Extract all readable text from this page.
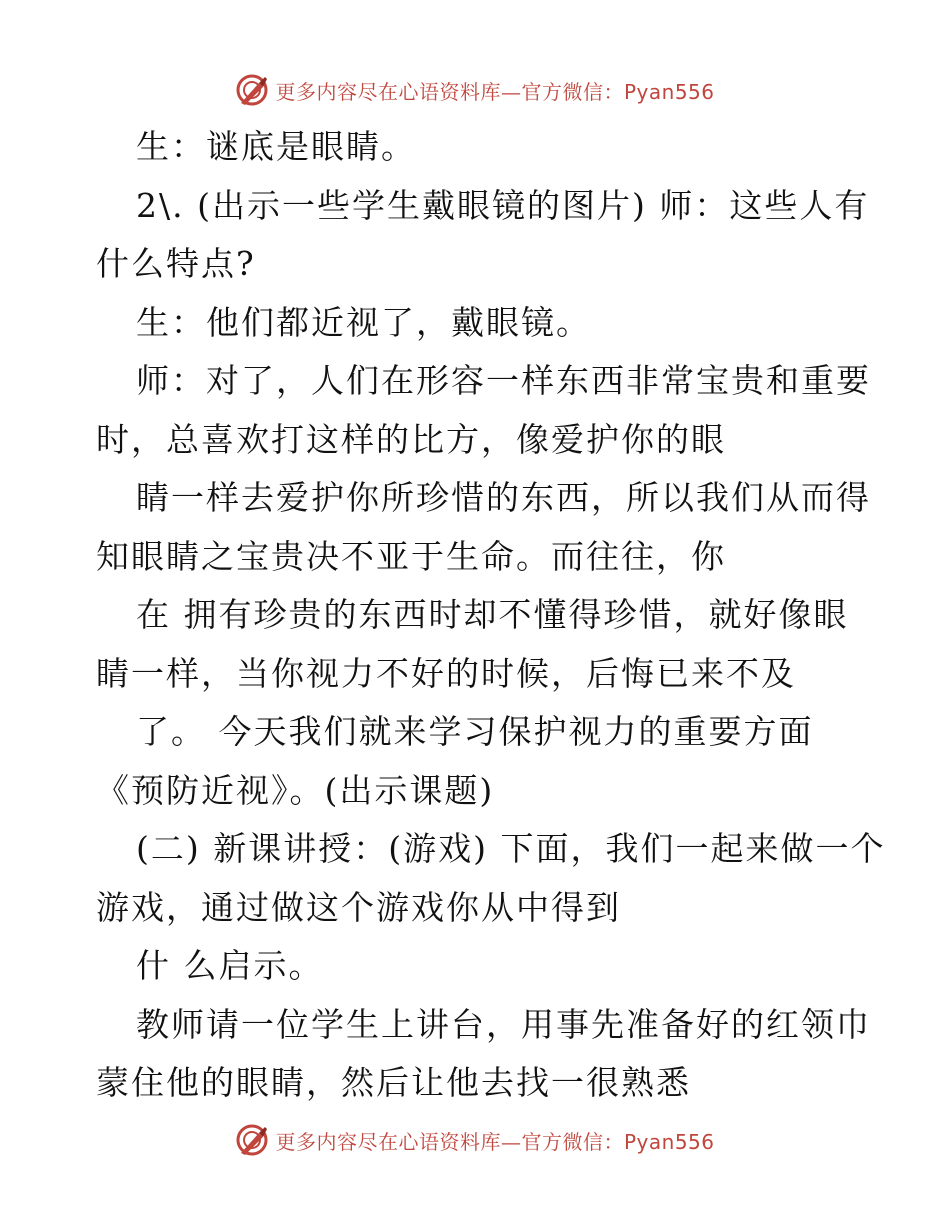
更多内容尽在心语资料库—官方微信：Pyan556
生：谜底是眼睛。
2\. (出示一些学生戴眼镜的图片) 师：这些人有
什么特点?
生：他们都近视了，戴眼镜。
师：对了，人们在形容一样东西非常宝贵和重要
时，总喜欢打这样的比方，像爱护你的眼
睛一样去爱护你所珍惜的东西，所以我们从而得
知眼睛之宝贵决不亚于生命。而往往，你
在 拥有珍贵的东西时却不懂得珍惜，就好像眼
睛一样，当你视力不好的时候，后悔已来不及
了。 今天我们就来学习保护视力的重要方面
《预防近视》。(出示课题)
(二) 新课讲授：(游戏) 下面，我们一起来做一个
游戏，通过做这个游戏你从中得到
什 么启示。
教师请一位学生上讲台，用事先准备好的红领巾
蒙住他的眼睛，然后让他去找一很熟悉
更多内容尽在心语资料库—官方微信：Pyan556
